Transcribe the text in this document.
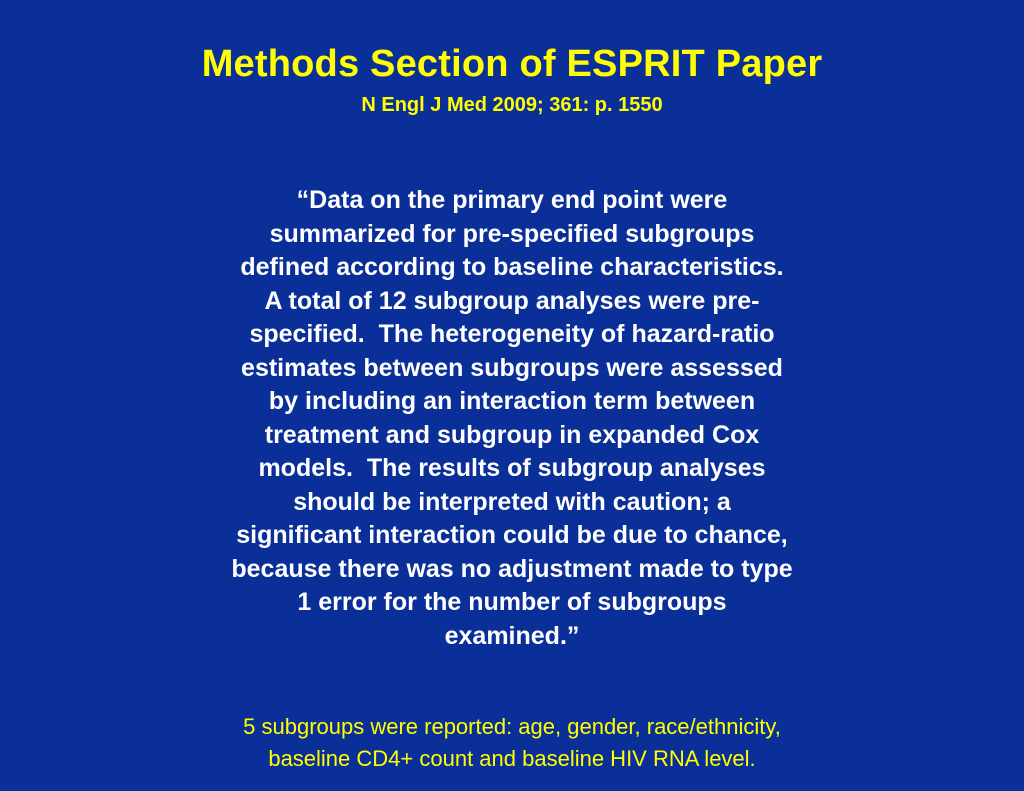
Methods Section of ESPRIT Paper
N Engl J Med 2009; 361: p. 1550
“Data on the primary end point were
summarized for pre-specified subgroups
defined according to baseline characteristics.
A total of 12 subgroup analyses were pre-
specified.  The heterogeneity of hazard-ratio
estimates between subgroups were assessed
by including an interaction term between
treatment and subgroup in expanded Cox
models.  The results of subgroup analyses
should be interpreted with caution; a
significant interaction could be due to chance,
because there was no adjustment made to type
1 error for the number of subgroups
examined.”
5 subgroups were reported: age, gender, race/ethnicity,
baseline CD4+ count and baseline HIV RNA level.
